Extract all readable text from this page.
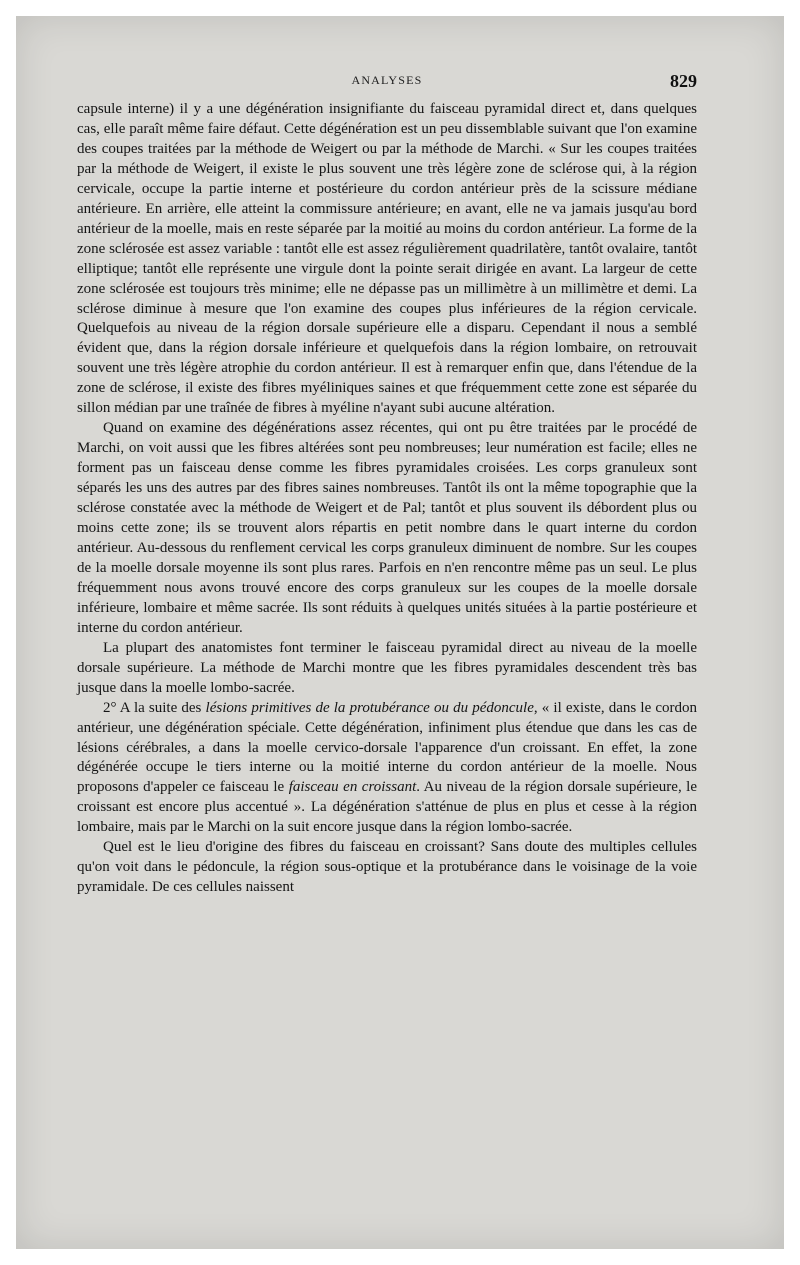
ANALYSES	829

capsule interne) il y a une dégénération insignifiante du faisceau pyramidal direct et, dans quelques cas, elle paraît même faire défaut. Cette dégénération est un peu dissemblable suivant que l'on examine des coupes traitées par la méthode de Weigert ou par la méthode de Marchi. « Sur les coupes traitées par la méthode de Weigert, il existe le plus souvent une très légère zone de sclérose qui, à la région cervicale, occupe la partie interne et postérieure du cordon antérieur près de la scissure médiane antérieure. En arrière, elle atteint la commissure antérieure; en avant, elle ne va jamais jusqu'au bord antérieur de la moelle, mais en reste séparée par la moitié au moins du cordon antérieur. La forme de la zone sclérosée est assez variable : tantôt elle est assez régulièrement quadrilatère, tantôt ovalaire, tantôt elliptique; tantôt elle représente une virgule dont la pointe serait dirigée en avant. La largeur de cette zone sclérosée est toujours très minime; elle ne dépasse pas un millimètre à un millimètre et demi. La sclérose diminue à mesure que l'on examine des coupes plus inférieures de la région cervicale. Quelquefois au niveau de la région dorsale supérieure elle a disparu. Cependant il nous a semblé évident que, dans la région dorsale inférieure et quelquefois dans la région lombaire, on retrouvait souvent une très légère atrophie du cordon antérieur. Il est à remarquer enfin que, dans l'étendue de la zone de sclérose, il existe des fibres myéliniques saines et que fréquemment cette zone est séparée du sillon médian par une traînée de fibres à myéline n'ayant subi aucune altération.

Quand on examine des dégénérations assez récentes, qui ont pu être traitées par le procédé de Marchi, on voit aussi que les fibres altérées sont peu nombreuses; leur numération est facile; elles ne forment pas un faisceau dense comme les fibres pyramidales croisées. Les corps granuleux sont séparés les uns des autres par des fibres saines nombreuses. Tantôt ils ont la même topographie que la sclérose constatée avec la méthode de Weigert et de Pal; tantôt et plus souvent ils débordent plus ou moins cette zone; ils se trouvent alors répartis en petit nombre dans le quart interne du cordon antérieur. Au-dessous du renflement cervical les corps granuleux diminuent de nombre. Sur les coupes de la moelle dorsale moyenne ils sont plus rares. Parfois en n'en rencontre même pas un seul. Le plus fréquemment nous avons trouvé encore des corps granuleux sur les coupes de la moelle dorsale inférieure, lombaire et même sacrée. Ils sont réduits à quelques unités situées à la partie postérieure et interne du cordon antérieur.

La plupart des anatomistes font terminer le faisceau pyramidal direct au niveau de la moelle dorsale supérieure. La méthode de Marchi montre que les fibres pyramidales descendent très bas jusque dans la moelle lombo-sacrée.

2° A la suite des lésions primitives de la protubérance ou du pédoncule, « il existe, dans le cordon antérieur, une dégénération spéciale. Cette dégénération, infiniment plus étendue que dans les cas de lésions cérébrales, a dans la moelle cervico-dorsale l'apparence d'un croissant. En effet, la zone dégénérée occupe le tiers interne ou la moitié interne du cordon antérieur de la moelle. Nous proposons d'appeler ce faisceau le faisceau en croissant. Au niveau de la région dorsale supérieure, le croissant est encore plus accentué ». La dégénération s'atténue de plus en plus et cesse à la région lombaire, mais par le Marchi on la suit encore jusque dans la région lombo-sacrée.

Quel est le lieu d'origine des fibres du faisceau en croissant? Sans doute des multiples cellules qu'on voit dans le pédoncule, la région sous-optique et la protubérance dans le voisinage de la voie pyramidale. De ces cellules naissent
